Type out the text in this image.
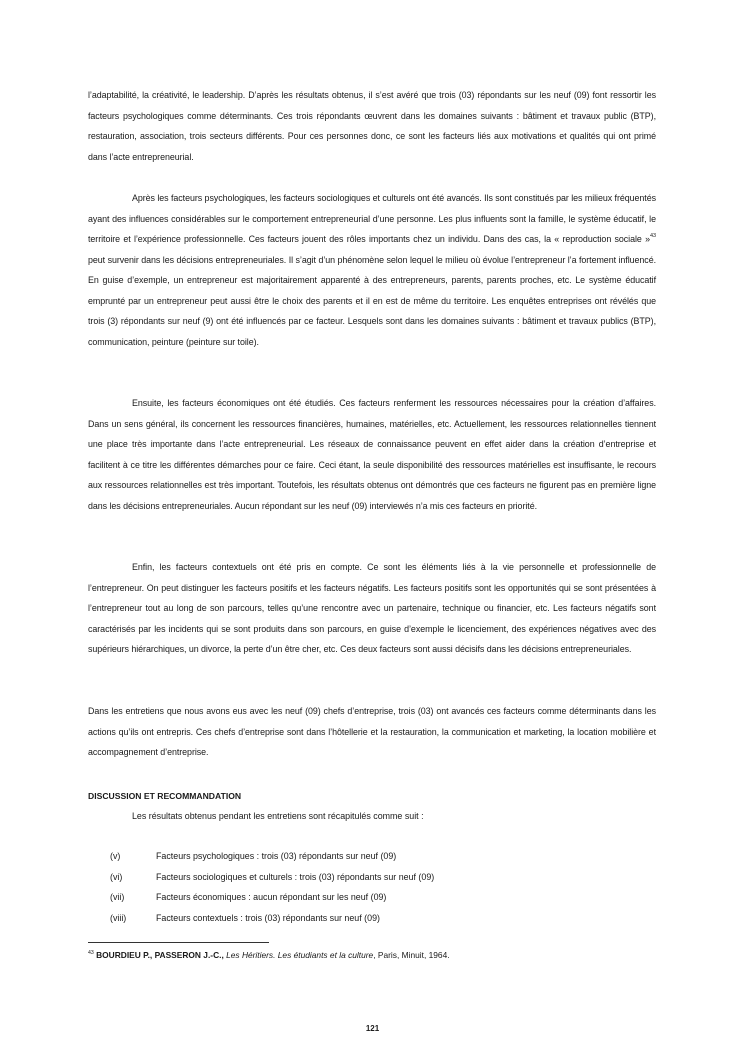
l’adaptabilité, la créativité, le leadership. D’après les résultats obtenus, il s’est avéré que trois (03) répondants sur les neuf (09) font ressortir les facteurs psychologiques comme déterminants. Ces trois répondants œuvrent dans les domaines suivants : bâtiment et travaux public (BTP), restauration, association, trois secteurs différents. Pour ces personnes donc, ce sont les facteurs liés aux motivations et qualités qui ont primé dans l’acte entrepreneurial.

Après les facteurs psychologiques, les facteurs sociologiques et culturels ont été avancés. Ils sont constitués par les milieux fréquentés ayant des influences considérables sur le comportement entrepreneurial d’une personne. Les plus influents sont la famille, le système éducatif, le territoire et l’expérience professionnelle. Ces facteurs jouent des rôles importants chez un individu. Dans des cas, la « reproduction sociale »$^{43}$ peut survenir dans les décisions entrepreneuriales. Il s’agit d’un phénomène selon lequel le milieu où évolue l’entrepreneur l’a fortement influencé. En guise d’exemple, un entrepreneur est majoritairement apparenté à des entrepreneurs, parents, parents proches, etc. Le système éducatif emprunté par un entrepreneur peut aussi être le choix des parents et il en est de même du territoire. Les enquêtes entreprises ont révélés que trois (3) répondants sur neuf (9) ont été influencés par ce facteur. Lesquels sont dans les domaines suivants : bâtiment et travaux publics (BTP), communication, peinture (peinture sur toile).

Ensuite, les facteurs économiques ont été étudiés. Ces facteurs renferment les ressources nécessaires pour la création d’affaires. Dans un sens général, ils concernent les ressources financières, humaines, matérielles, etc. Actuellement, les ressources relationnelles tiennent une place très importante dans l’acte entrepreneurial. Les réseaux de connaissance peuvent en effet aider dans la création d’entreprise et facilitent à ce titre les différentes démarches pour ce faire. Ceci étant, la seule disponibilité des ressources matérielles est insuffisante, le recours aux ressources relationnelles est très important. Toutefois, les résultats obtenus ont démontrés que ces facteurs ne figurent pas en première ligne dans les décisions entrepreneuriales. Aucun répondant sur les neuf (09) interviewés n’a mis ces facteurs en priorité.

Enfin, les facteurs contextuels ont été pris en compte. Ce sont les éléments liés à la vie personnelle et professionnelle de l’entrepreneur. On peut distinguer les facteurs positifs et les facteurs négatifs. Les facteurs positifs sont les opportunités qui se sont présentées à l’entrepreneur tout au long de son parcours, telles qu’une rencontre avec un partenaire, technique ou financier, etc. Les facteurs négatifs sont caractérisés par les incidents qui se sont produits dans son parcours, en guise d’exemple le licenciement, des expériences négatives avec des supérieurs hiérarchiques, un divorce, la perte d’un être cher, etc. Ces deux facteurs sont aussi décisifs dans les décisions entrepreneuriales.

Dans les entretiens que nous avons eus avec les neuf (09) chefs d’entreprise, trois (03) ont avancés ces facteurs comme déterminants dans les actions qu’ils ont entrepris. Ces chefs d’entreprise sont dans l’hôtellerie et la restauration, la communication et marketing, la location mobilière et accompagnement d’entreprise.

DISCUSSION ET RECOMMANDATION
Les résultats obtenus pendant les entretiens sont récapitulés comme suit :
(v)	Facteurs psychologiques : trois (03) répondants sur neuf (09)
(vi)	Facteurs sociologiques et culturels : trois (03) répondants sur neuf (09)
(vii)	Facteurs économiques : aucun répondant sur les neuf (09)
(viii)	Facteurs contextuels : trois (03) répondants sur neuf (09)
$^{43}$ BOURDIEU P., PASSERON J.-C., Les Héritiers. Les étudiants et la culture, Paris, Minuit, 1964.
121
